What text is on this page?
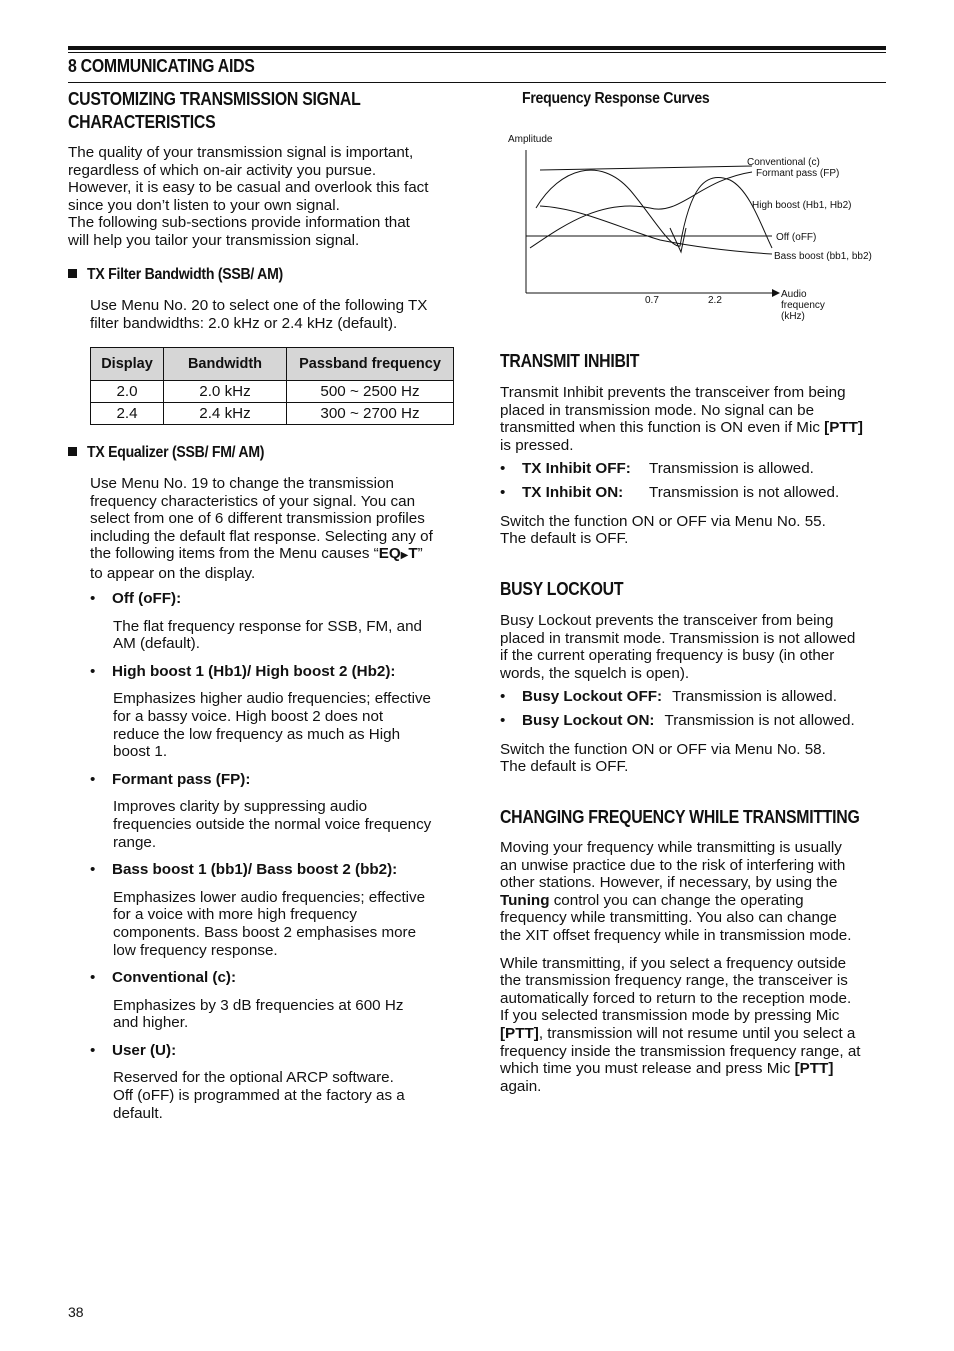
8 COMMUNICATING AIDS
CUSTOMIZING TRANSMISSION SIGNAL
CHARACTERISTICS

The quality of your transmission signal is important,

regardless of which on-air activity you pursue.

However, it is easy to be casual and overlook this fact

since you don’t listen to your own signal.

The following sub-sections provide information that

will help you tailor your transmission signal.

TX Filter Bandwidth (SSB/ AM)

Use Menu No. 20 to select one of the following TX

filter bandwidths: 2.0 kHz or 2.4 kHz (default).

Display	Bandwidth	Passband frequency
2.0	2.0 kHz	500 ~ 2500 Hz
2.4	2.4 kHz	300 ~ 2700 Hz
TX Equalizer (SSB/ FM/ AM)

Use Menu No. 19 to change the transmission

frequency characteristics of your signal. You can

select from one of 6 different transmission profiles

including the default flat response. Selecting any of

the following items from the Menu causes “EQ▶T”

to appear on the display.

• Off (oFF):

The flat frequency response for SSB, FM, and

AM (default).

• High boost 1 (Hb1)/ High boost 2 (Hb2):

Emphasizes higher audio frequencies; effective

for a bassy voice. High boost 2 does not

reduce the low frequency as much as High

boost 1.

• Formant pass (FP):

Improves clarity by suppressing audio

frequencies outside the normal voice frequency

range.

• Bass boost 1 (bb1)/ Bass boost 2 (bb2):

Emphasizes lower audio frequencies; effective

for a voice with more high frequency

components. Bass boost 2 emphasises more

low frequency response.

• Conventional (c):

Emphasizes by 3 dB frequencies at 600 Hz

and higher.

• User (U):

Reserved for the optional ARCP software.

Off (oFF) is programmed at the factory as a

default.

Frequency Response Curves
Amplitude
Conventional (c)
Formant pass (FP)
High boost (Hb1, Hb2)
Off (oFF)
Bass boost (bb1, bb2)
0.7	2.2
Audio frequency (kHz)
TRANSMIT INHIBIT

Transmit Inhibit prevents the transceiver from being

placed in transmission mode. No signal can be

transmitted when this function is ON even if Mic [PTT]

is pressed.

• TX Inhibit OFF: Transmission is allowed.
• TX Inhibit ON: Transmission is not allowed.

Switch the function ON or OFF via Menu No. 55.

The default is OFF.

BUSY LOCKOUT

Busy Lockout prevents the transceiver from being

placed in transmit mode. Transmission is not allowed

if the current operating frequency is busy (in other

words, the squelch is open).

• Busy Lockout OFF: Transmission is allowed.
• Busy Lockout ON: Transmission is not allowed.

Switch the function ON or OFF via Menu No. 58.

The default is OFF.

CHANGING FREQUENCY WHILE TRANSMITTING

Moving your frequency while transmitting is usually

an unwise practice due to the risk of interfering with

other stations. However, if necessary, by using the

Tuning control you can change the operating

frequency while transmitting. You also can change

the XIT offset frequency while in transmission mode.

While transmitting, if you select a frequency outside

the transmission frequency range, the transceiver is

automatically forced to return to the reception mode.

If you selected transmission mode by pressing Mic

[PTT], transmission will not resume until you select a

frequency inside the transmission frequency range, at

which time you must release and press Mic [PTT]

again.

38
